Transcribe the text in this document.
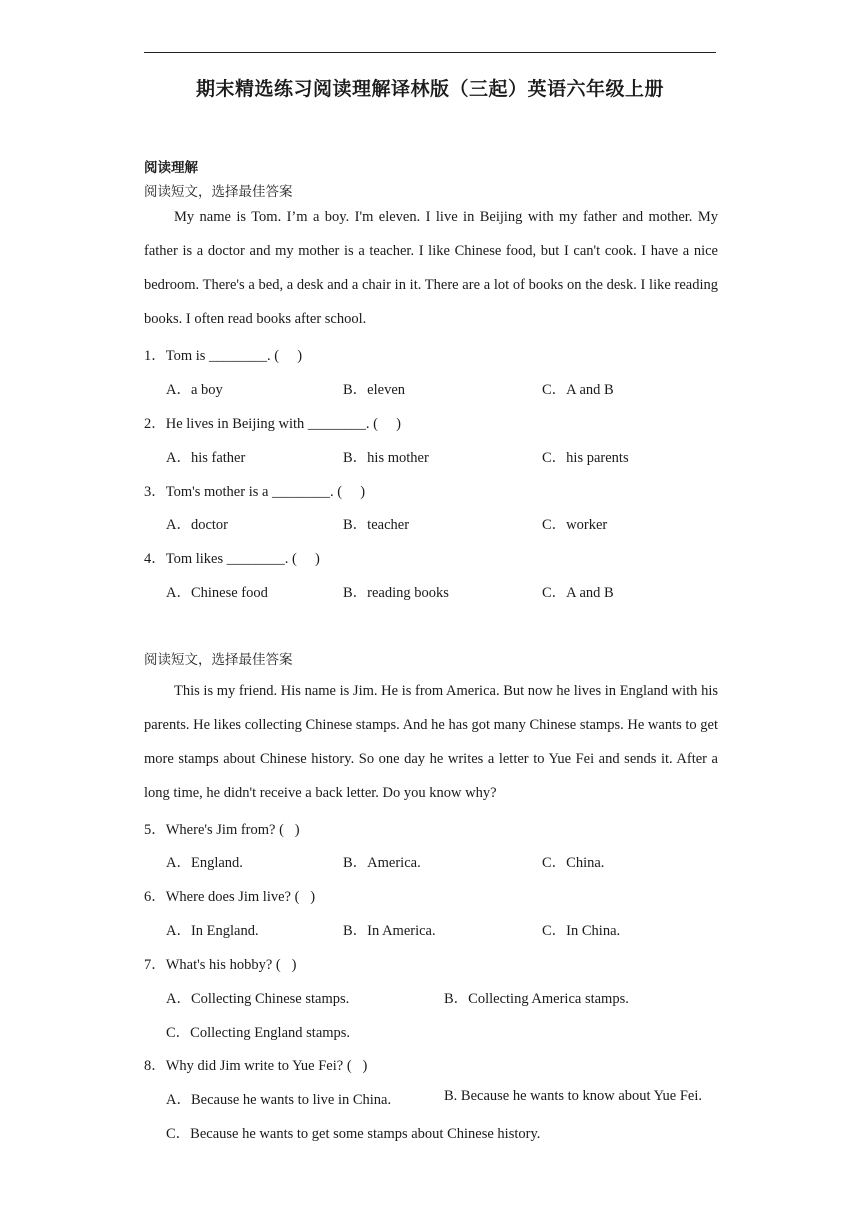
期末精选练习阅读理解译林版（三起）英语六年级上册
阅读理解
阅读短文，选择最佳答案
My name is Tom. I’m a boy. I'm eleven. I live in Beijing with my father and mother. My father is a doctor and my mother is a teacher. I like Chinese food, but I can't cook. I have a nice bedroom. There's a bed, a desk and a chair in it. There are a lot of books on the desk. I like reading books. I often read books after school.
1．Tom is ________. (  )
A．a boy	B．eleven	C．A and B
2．He lives in Beijing with ________. (  )
A．his father	B．his mother	C．his parents
3．Tom's mother is a ________. (  )
A．doctor	B．teacher	C．worker
4．Tom likes ________. (  )
A．Chinese food	B．reading books	C．A and B
阅读短文，选择最佳答案
This is my friend. His name is Jim. He is from America. But now he lives in England with his parents. He likes collecting Chinese stamps. And he has got many Chinese stamps. He wants to get more stamps about Chinese history. So one day he writes a letter to Yue Fei and sends it. After a long time, he didn't receive a back letter. Do you know why?
5．Where's Jim from? (  )
A．England.	B．America.	C．China.
6．Where does Jim live? (  )
A．In England.	B．In America.	C．In China.
7．What's his hobby? (  )
A．Collecting Chinese stamps.	B．Collecting America stamps.
C．Collecting England stamps.
8．Why did Jim write to Yue Fei? (  )
A．Because he wants to live in China.	B. Because he wants to know about Yue Fei.
C．Because he wants to get some stamps about Chinese history.
